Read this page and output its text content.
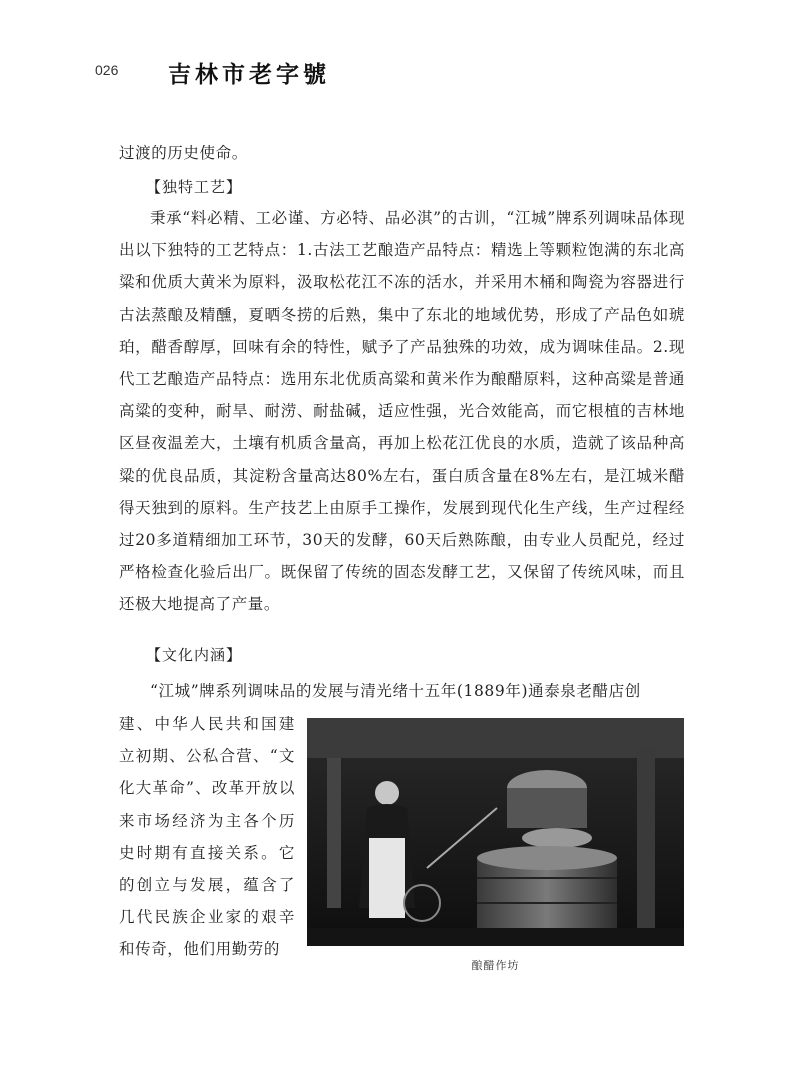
026 吉林市老字號

过渡的历史使命。

【独特工艺】

秉承“料必精、工必谨、方必特、品必淇”的古训，“江城”牌系列调味品体现出以下独特的工艺特点：1.古法工艺酿造产品特点：精选上等颗粒饱满的东北高粱和优质大黄米为原料，汲取松花江不冻的活水，并采用木桶和陶瓷为容器进行古法蒸酿及精醺，夏晒冬捞的后熟，集中了东北的地域优势，形成了产品色如琥珀，醋香醇厚，回味有余的特性，赋予了产品独殊的功效，成为调味佳品。2.现代工艺酿造产品特点：选用东北优质高粱和黄米作为酿醋原料，这种高粱是普通高粱的变种，耐旱、耐涝、耐盐碱，适应性强，光合效能高，而它根植的吉林地区昼夜温差大，土壤有机质含量高，再加上松花江优良的水质，造就了该品种高粱的优良品质，其淀粉含量高达80%左右，蛋白质含量在8%左右，是江城米醋得天独到的原料。生产技艺上由原手工操作，发展到现代化生产线，生产过程经过20多道精细加工环节，30天的发酵，60天后熟陈酿，由专业人员配兑，经过严格检查化验后出厂。既保留了传统的固态发酵工艺，又保留了传统风味，而且还极大地提高了产量。

【文化内涵】

“江城”牌系列调味品的发展与清光绪十五年(1889年)通泰泉老醋店创

建、中华人民共和国建立初期、公私合营、“文化大革命”、改革开放以来市场经济为主各个历史时期有直接关系。它的创立与发展，蕴含了几代民族企业家的艰辛和传奇，他们用勤劳的

酿醋作坊
